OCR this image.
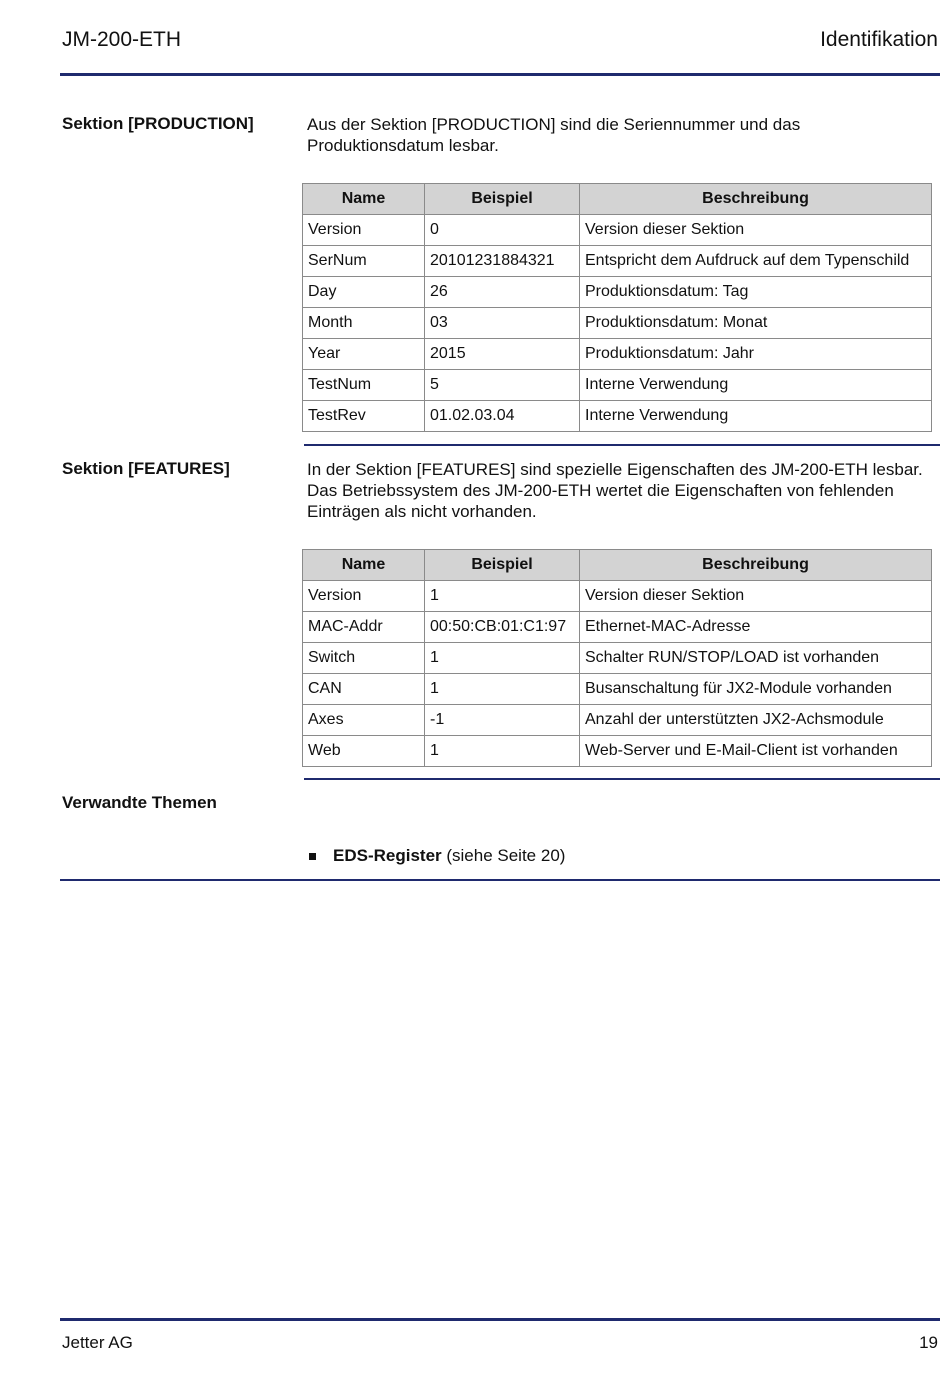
JM-200-ETH	Identifikation
Sektion [PRODUCTION]	Aus der Sektion [PRODUCTION] sind die Seriennummer und das Produktionsdatum lesbar.
Name	Beispiel	Beschreibung
Version	0	Version dieser Sektion
SerNum	20101231884321	Entspricht dem Aufdruck auf dem Typenschild
Day	26	Produktionsdatum: Tag
Month	03	Produktionsdatum: Monat
Year	2015	Produktionsdatum: Jahr
TestNum	5	Interne Verwendung
TestRev	01.02.03.04	Interne Verwendung
Sektion [FEATURES]	In der Sektion [FEATURES] sind spezielle Eigenschaften des JM-200-ETH lesbar. Das Betriebssystem des JM-200-ETH wertet die Eigenschaften von fehlenden Einträgen als nicht vorhanden.
Name	Beispiel	Beschreibung
Version	1	Version dieser Sektion
MAC-Addr	00:50:CB:01:C1:97	Ethernet-MAC-Adresse
Switch	1	Schalter RUN/STOP/LOAD ist vorhanden
CAN	1	Busanschaltung für JX2-Module vorhanden
Axes	-1	Anzahl der unterstützten JX2-Achsmodule
Web	1	Web-Server und E-Mail-Client ist vorhanden
Verwandte Themen
EDS-Register (siehe Seite 20)
Jetter AG	19
